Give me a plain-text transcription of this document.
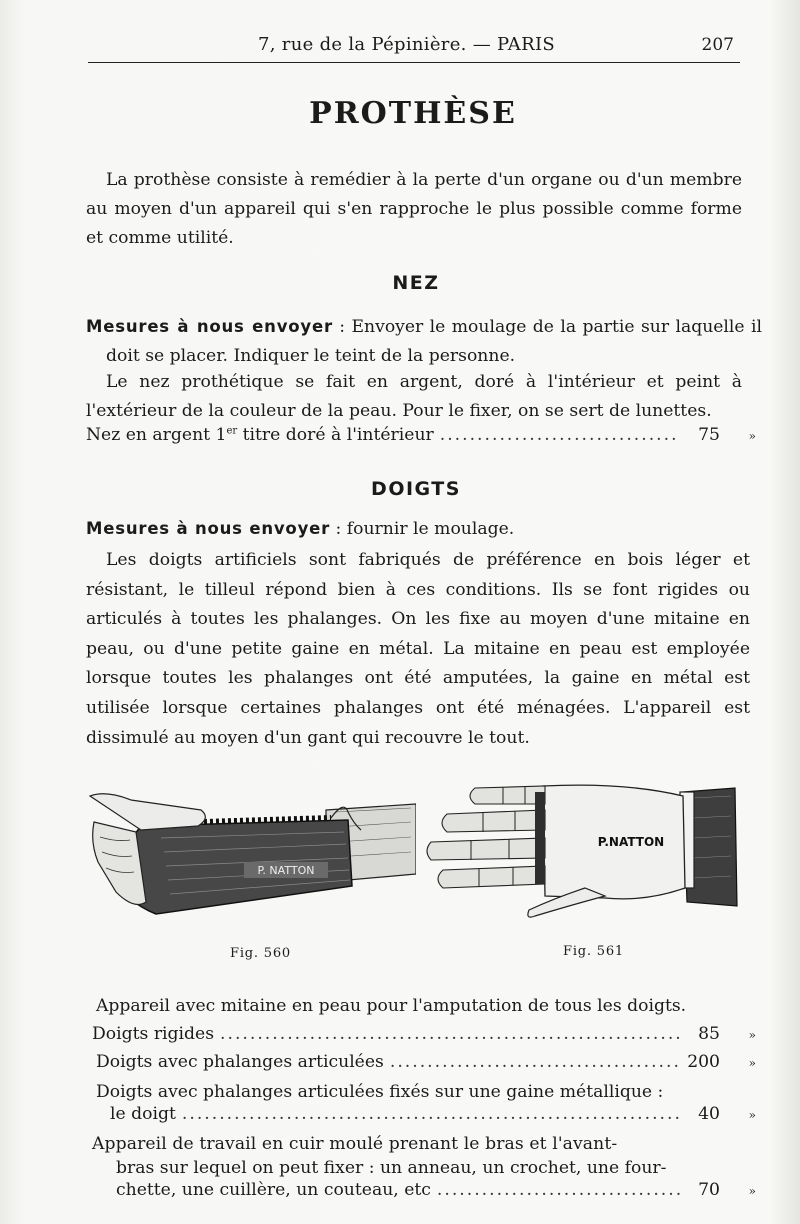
7, rue de la Pépinière. — PARIS	207
PROTHÈSE

La prothèse consiste à remédier à la perte d'un organe ou d'un membre au moyen d'un appareil qui s'en rapproche le plus possible comme forme et comme utilité.

NEZ

Mesures à nous envoyer : Envoyer le moulage de la partie sur laquelle il doit se placer. Indiquer le teint de la personne.

Le nez prothétique se fait en argent, doré à l'intérieur et peint à l'extérieur de la couleur de la peau. Pour le fixer, on se sert de lunettes.

Nez en argent 1er titre doré à l'intérieur .....	75	»
DOIGTS

Mesures à nous envoyer : fournir le moulage.

Les doigts artificiels sont fabriqués de préférence en bois léger et résistant, le tilleul répond bien à ces conditions. Ils se font rigides ou articulés à toutes les phalanges. On les fixe au moyen d'une mitaine en peau, ou d'une petite gaine en métal. La mitaine en peau est employée lorsque toutes les phalanges ont été amputées, la gaine en métal est utilisée lorsque certaines phalanges ont été ménagées. L'appareil est dissimulé au moyen d'un gant qui recouvre le tout.

P. NATTON
Fig. 560
P.NATTON
Fig. 561

Appareil avec mitaine en peau pour l'amputation de tous les doigts.

Doigts rigides .....	85	»
Doigts avec phalanges articulées .....	200	»

Doigts avec phalanges articulées fixés sur une gaine métallique :

le doigt .....	40	»

Appareil de travail en cuir moulé prenant le bras et l'avant-

bras sur lequel on peut fixer : un anneau, un crochet, une four-

chette, une cuillère, un couteau, etc .....	70	»
